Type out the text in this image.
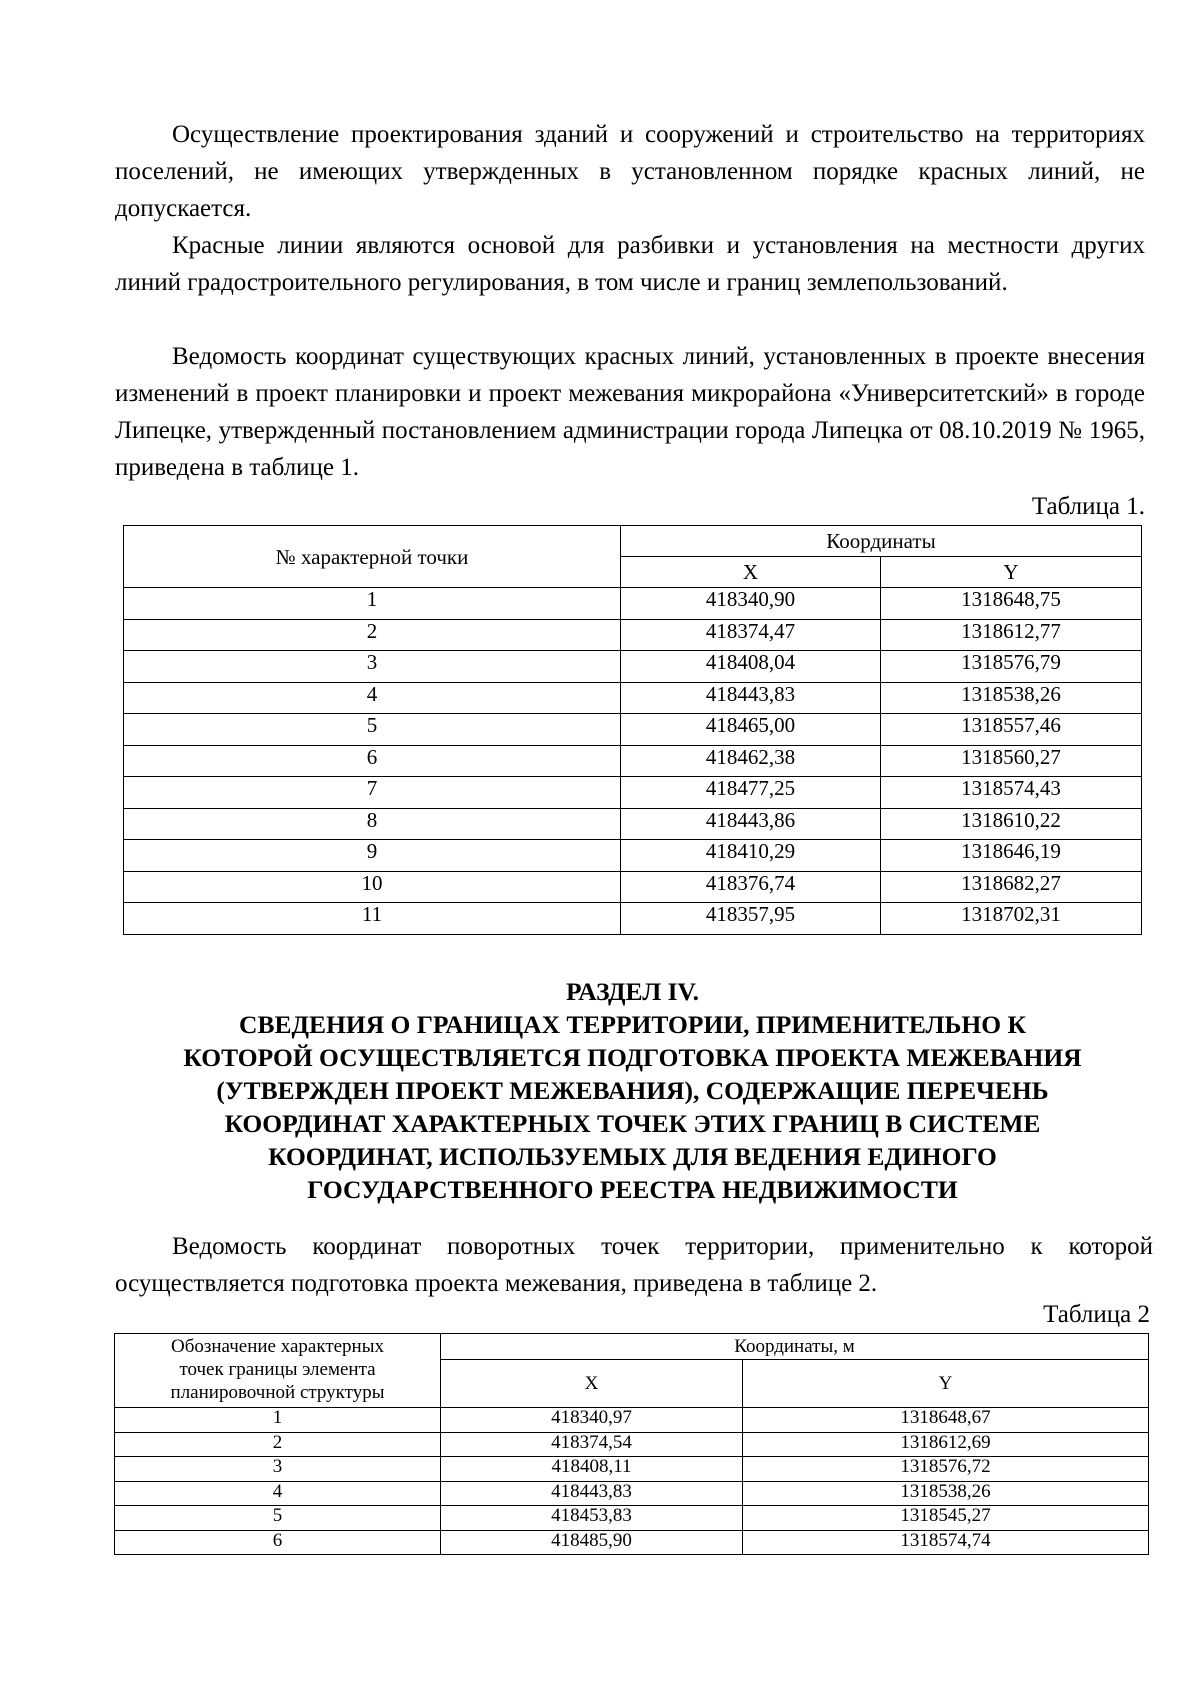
Осуществление проектирования зданий и сооружений и строительство на территориях поселений, не имеющих утвержденных в установленном порядке красных линий, не допускается.

Красные линии являются основой для разбивки и установления на местности других линий градостроительного регулирования, в том числе и границ землепользований.

Ведомость координат существующих красных линий, установленных в проекте внесения изменений в проект планировки и проект межевания микрорайона «Университетский» в городе Липецке, утвержденный постановлением администрации города Липецка от 08.10.2019 № 1965, приведена в таблице 1.

Таблица 1.

№ характерной точки	Координаты	
	X	Y
1	418340,90	1318648,75
2	418374,47	1318612,77
3	418408,04	1318576,79
4	418443,83	1318538,26
5	418465,00	1318557,46
6	418462,38	1318560,27
7	418477,25	1318574,43
8	418443,86	1318610,22
9	418410,29	1318646,19
10	418376,74	1318682,27
11	418357,95	1318702,31
РАЗДЕЛ IV.
СВЕДЕНИЯ О ГРАНИЦАХ ТЕРРИТОРИИ, ПРИМЕНИТЕЛЬНО К
КОТОРОЙ ОСУЩЕСТВЛЯЕТСЯ ПОДГОТОВКА ПРОЕКТА МЕЖЕВАНИЯ
(УТВЕРЖДЕН ПРОЕКТ МЕЖЕВАНИЯ), СОДЕРЖАЩИЕ ПЕРЕЧЕНЬ
КООРДИНАТ ХАРАКТЕРНЫХ ТОЧЕК ЭТИХ ГРАНИЦ В СИСТЕМЕ
КООРДИНАТ, ИСПОЛЬЗУЕМЫХ ДЛЯ ВЕДЕНИЯ ЕДИНОГО
ГОСУДАРСТВЕННОГО РЕЕСТРА НЕДВИЖИМОСТИ

Ведомость координат поворотных точек территории, применительно к которой осуществляется подготовка проекта межевания, приведена в таблице 2.

Таблица 2

Обозначение характерных
точек границы элемента
планировочной структуры	Координаты, м	
	X	Y
1	418340,97	1318648,67
2	418374,54	1318612,69
3	418408,11	1318576,72
4	418443,83	1318538,26
5	418453,83	1318545,27
6	418485,90	1318574,74
